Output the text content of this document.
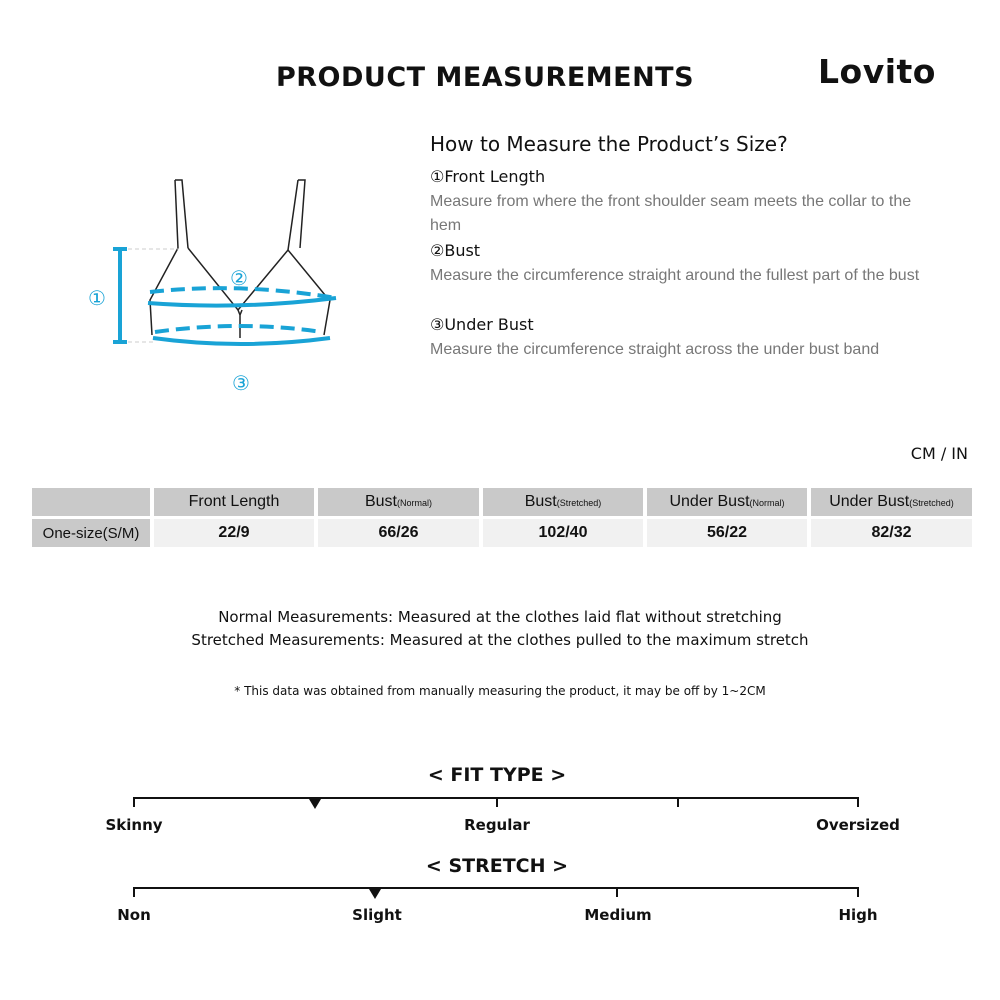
PRODUCT MEASUREMENTS	Lovito
①
②
③
How to Measure the Product’s Size?
①Front Length
Measure from where the front shoulder seam meets the collar to the hem
②Bust
Measure the circumference straight around the fullest part of the bust
③Under Bust
Measure the circumference straight across the under bust band
CM / IN
	Front Length	Bust(Normal)	Bust(Stretched)	Under Bust(Normal)	Under Bust(Stretched)
One-size(S/M)	22/9	66/26	102/40	56/22	82/32
Normal Measurements: Measured at the clothes laid flat without stretching
Stretched Measurements: Measured at the clothes pulled to the maximum stretch
* This data was obtained from manually measuring the product, it may be off by 1~2CM
< FIT TYPE >
Skinny	Regular	Oversized
< STRETCH >
Non	Slight	Medium	High
